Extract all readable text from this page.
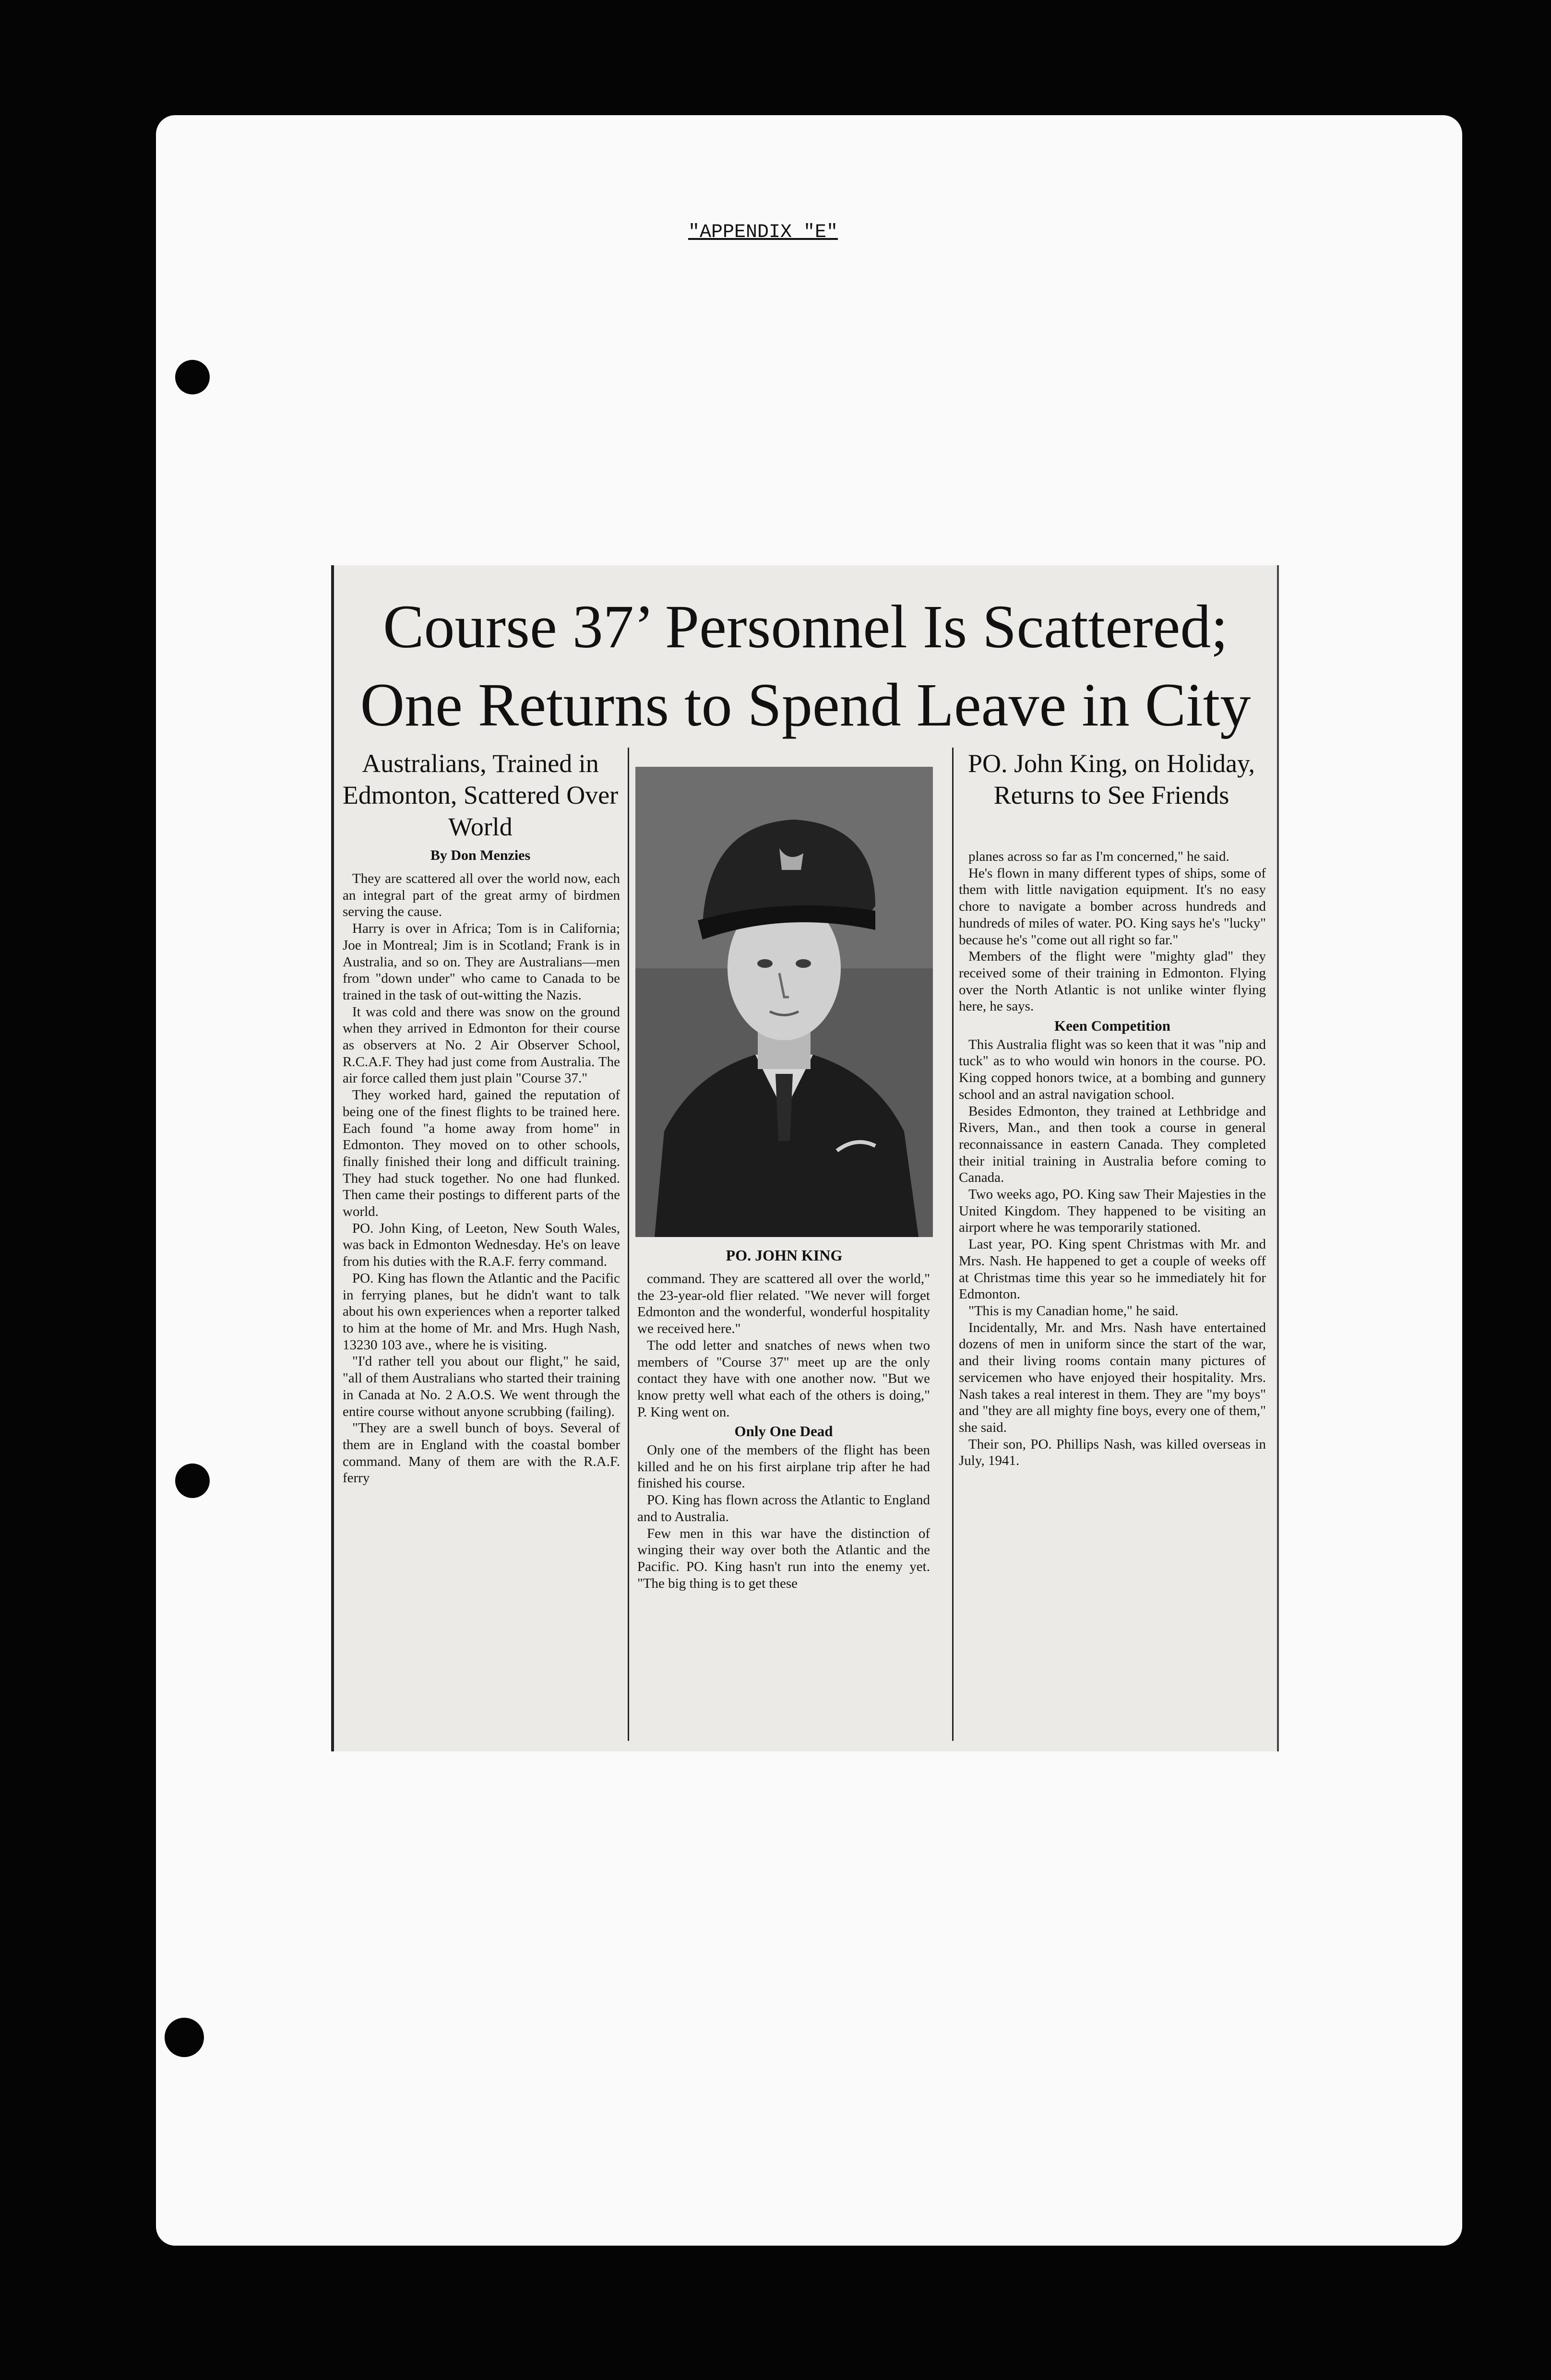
"APPENDIX "E"
Course 37’ Personnel Is Scattered;
One Returns to Spend Leave in City
Australians, Trained in Edmonton, Scattered Over World
By Don Menzies

They are scattered all over the world now, each an integral part of the great army of birdmen serving the cause.

Harry is over in Africa; Tom is in California; Joe in Montreal; Jim is in Scotland; Frank is in Australia, and so on. They are Australians—men from "down under" who came to Canada to be trained in the task of out-witting the Nazis.

It was cold and there was snow on the ground when they arrived in Edmonton for their course as observers at No. 2 Air Observer School, R.C.A.F. They had just come from Australia. The air force called them just plain "Course 37."

They worked hard, gained the reputation of being one of the finest flights to be trained here. Each found "a home away from home" in Edmonton. They moved on to other schools, finally finished their long and difficult training. They had stuck together. No one had flunked. Then came their postings to different parts of the world.

PO. John King, of Leeton, New South Wales, was back in Edmonton Wednesday. He's on leave from his duties with the R.A.F. ferry command.

PO. King has flown the Atlantic and the Pacific in ferrying planes, but he didn't want to talk about his own experiences when a reporter talked to him at the home of Mr. and Mrs. Hugh Nash, 13230 103 ave., where he is visiting.

"I'd rather tell you about our flight," he said, "all of them Australians who started their training in Canada at No. 2 A.O.S. We went through the entire course without anyone scrubbing (failing).

"They are a swell bunch of boys. Several of them are in England with the coastal bomber command. Many of them are with the R.A.F. ferry

PO. JOHN KING

command. They are scattered all over the world," the 23-year-old flier related. "We never will forget Edmonton and the wonderful, wonderful hospitality we received here."

The odd letter and snatches of news when two members of "Course 37" meet up are the only contact they have with one another now. "But we know pretty well what each of the others is doing," P. King went on.

Only One Dead

Only one of the members of the flight has been killed and he on his first airplane trip after he had finished his course.

PO. King has flown across the Atlantic to England and to Australia.

Few men in this war have the distinction of winging their way over both the Atlantic and the Pacific. PO. King hasn't run into the enemy yet. "The big thing is to get these

PO. John King, on Holiday, Returns to See Friends

planes across so far as I'm concerned," he said.

He's flown in many different types of ships, some of them with little navigation equipment. It's no easy chore to navigate a bomber across hundreds and hundreds of miles of water. PO. King says he's "lucky" because he's "come out all right so far."

Members of the flight were "mighty glad" they received some of their training in Edmonton. Flying over the North Atlantic is not unlike winter flying here, he says.

Keen Competition

This Australia flight was so keen that it was "nip and tuck" as to who would win honors in the course. PO. King copped honors twice, at a bombing and gunnery school and an astral navigation school.

Besides Edmonton, they trained at Lethbridge and Rivers, Man., and then took a course in general reconnaissance in eastern Canada. They completed their initial training in Australia before coming to Canada.

Two weeks ago, PO. King saw Their Majesties in the United Kingdom. They happened to be visiting an airport where he was temporarily stationed.

Last year, PO. King spent Christmas with Mr. and Mrs. Nash. He happened to get a couple of weeks off at Christmas time this year so he immediately hit for Edmonton.

"This is my Canadian home," he said.

Incidentally, Mr. and Mrs. Nash have entertained dozens of men in uniform since the start of the war, and their living rooms contain many pictures of servicemen who have enjoyed their hospitality. Mrs. Nash takes a real interest in them. They are "my boys" and "they are all mighty fine boys, every one of them," she said.

Their son, PO. Phillips Nash, was killed overseas in July, 1941.
